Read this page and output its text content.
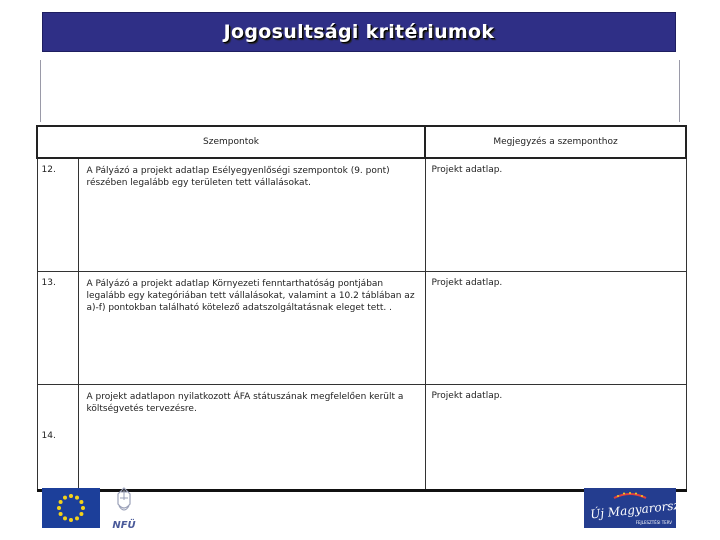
Jogosultsági kritériumok
Szempontok		Megjegyzés a szemponthoz
12.	A Pályázó a projekt adatlap Esélyegyenlőségi szempontok (9. pont) részében legalább egy területen tett vállalásokat.	Projekt adatlap.
13.	A Pályázó a projekt adatlap Környezeti fenntarthatóság pontjában legalább egy kategóriában tett vállalásokat, valamint a 10.2 táblában az a)-f) pontokban található kötelező adatszolgáltatásnak eleget tett. .	Projekt adatlap.

14.	A projekt adatlapon nyilatkozott ÁFA státuszának megfelelően került a költségvetés tervezésre.	Projekt adatlap.
NFÜ
Új Magyarország
FEJLESZTÉSI TERV
